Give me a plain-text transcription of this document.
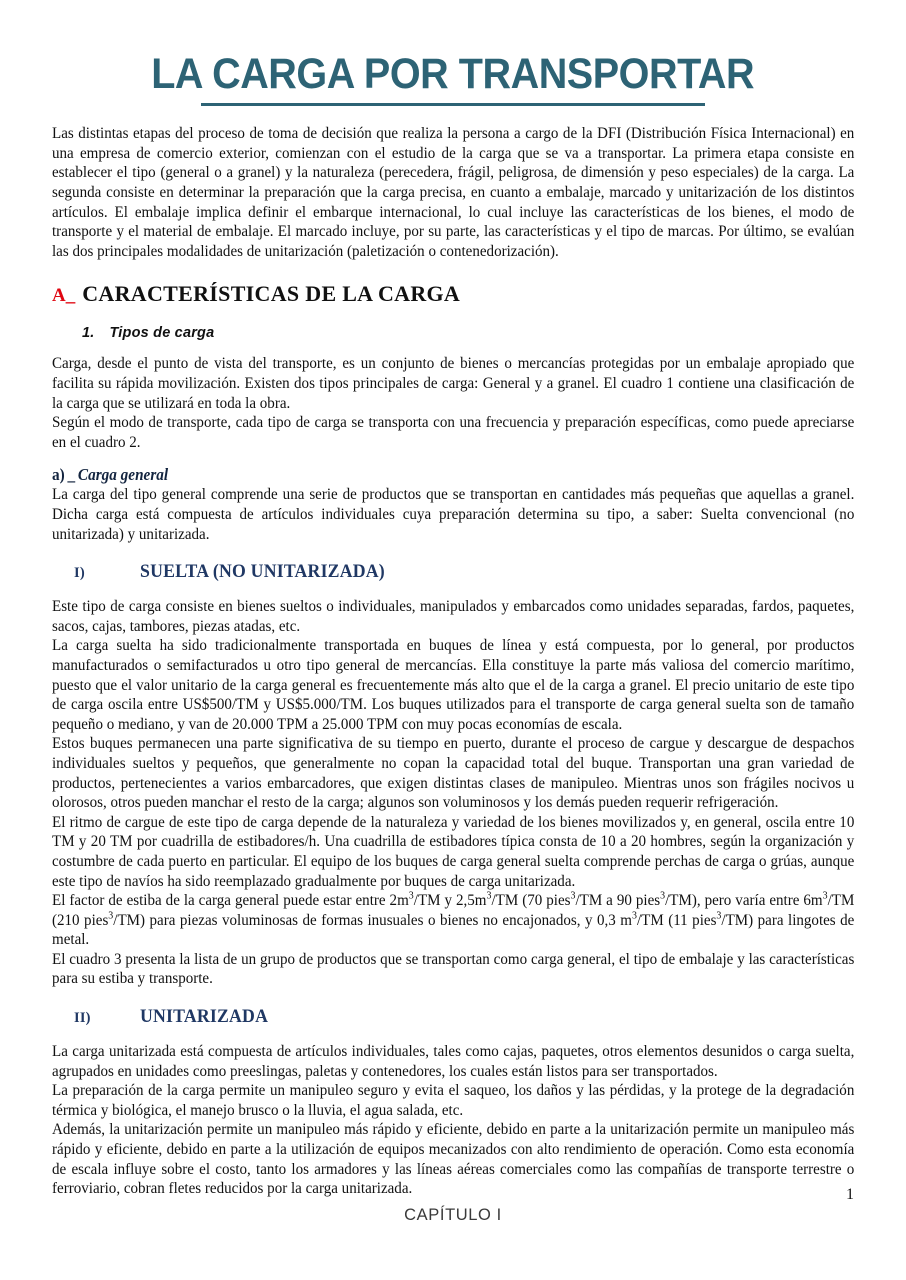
LA CARGA POR TRANSPORTAR

Las distintas etapas del proceso de toma de decisión que realiza la persona a cargo de la DFI (Distribución Física Internacional) en una empresa de comercio exterior, comienzan con el estudio de la carga que se va a transportar. La primera etapa consiste en establecer el tipo (general o a granel) y la naturaleza (perecedera, frágil, peligrosa, de dimensión y peso especiales) de la carga. La segunda consiste en determinar la preparación que la carga precisa, en cuanto a embalaje, marcado y unitarización de los distintos artículos. El embalaje implica definir el embarque internacional, lo cual incluye las características de los bienes, el modo de transporte y el material de embalaje. El marcado incluye, por su parte, las características y el tipo de marcas. Por último, se evalúan las dos principales modalidades de unitarización (paletización o contenedorización).

A_ CARACTERÍSTICAS DE LA CARGA
1. Tipos de carga

Carga, desde el punto de vista del transporte, es un conjunto de bienes o mercancías protegidas por un embalaje apropiado que facilita su rápida movilización. Existen dos tipos principales de carga: General y a granel. El cuadro 1 contiene una clasificación de la carga que se utilizará en toda la obra.

Según el modo de transporte, cada tipo de carga se transporta con una frecuencia y preparación específicas, como puede apreciarse en el cuadro 2.

a) _ Carga general

La carga del tipo general comprende una serie de productos que se transportan en cantidades más pequeñas que aquellas a granel. Dicha carga está compuesta de artículos individuales cuya preparación determina su tipo, a saber: Suelta convencional (no unitarizada) y unitarizada.

I)	SUELTA (NO UNITARIZADA)

Este tipo de carga consiste en bienes sueltos o individuales, manipulados y embarcados como unidades separadas, fardos, paquetes, sacos, cajas, tambores, piezas atadas, etc.

La carga suelta ha sido tradicionalmente transportada en buques de línea y está compuesta, por lo general, por productos manufacturados o semifacturados u otro tipo general de mercancías. Ella constituye la parte más valiosa del comercio marítimo, puesto que el valor unitario de la carga general es frecuentemente más alto que el de la carga a granel. El precio unitario de este tipo de carga oscila entre US$500/TM y US$5.000/TM. Los buques utilizados para el transporte de carga general suelta son de tamaño pequeño o mediano, y van de 20.000 TPM a 25.000 TPM con muy pocas economías de escala.

Estos buques permanecen una parte significativa de su tiempo en puerto, durante el proceso de cargue y descargue de despachos individuales sueltos y pequeños, que generalmente no copan la capacidad total del buque. Transportan una gran variedad de productos, pertenecientes a varios embarcadores, que exigen distintas clases de manipuleo. Mientras unos son frágiles nocivos u olorosos, otros pueden manchar el resto de la carga; algunos son voluminosos y los demás pueden requerir refrigeración.

El ritmo de cargue de este tipo de carga depende de la naturaleza y variedad de los bienes movilizados y, en general, oscila entre 10 TM y 20 TM por cuadrilla de estibadores/h. Una cuadrilla de estibadores típica consta de 10 a 20 hombres, según la organización y costumbre de cada puerto en particular. El equipo de los buques de carga general suelta comprende perchas de carga o grúas, aunque este tipo de navíos ha sido reemplazado gradualmente por buques de carga unitarizada.

El factor de estiba de la carga general puede estar entre $2m^3/TM$ y $2,5m^3/TM$ (70 pies$^3$/TM a 90 pies$^3$/TM), pero varía entre $6m^3/TM$ (210 pies$^3$/TM) para piezas voluminosas de formas inusuales o bienes no encajonados, y 0,3 $m^3/TM$ (11 pies$^3$/TM) para lingotes de metal.

El cuadro 3 presenta la lista de un grupo de productos que se transportan como carga general, el tipo de embalaje y las características para su estiba y transporte.

II)	UNITARIZADA

La carga unitarizada está compuesta de artículos individuales, tales como cajas, paquetes, otros elementos desunidos o carga suelta, agrupados en unidades como preeslingas, paletas y contenedores, los cuales están listos para ser transportados.

La preparación de la carga permite un manipuleo seguro y evita el saqueo, los daños y las pérdidas, y la protege de la degradación térmica y biológica, el manejo brusco o la lluvia, el agua salada, etc.

Además, la unitarización permite un manipuleo más rápido y eficiente, debido en parte a la unitarización permite un manipuleo más rápido y eficiente, debido en parte a la utilización de equipos mecanizados con alto rendimiento de operación. Como esta economía de escala influye sobre el costo, tanto los armadores y las líneas aéreas comerciales como las compañías de transporte terrestre o ferroviario, cobran fletes reducidos por la carga unitarizada.	1
CAPÍTULO I
